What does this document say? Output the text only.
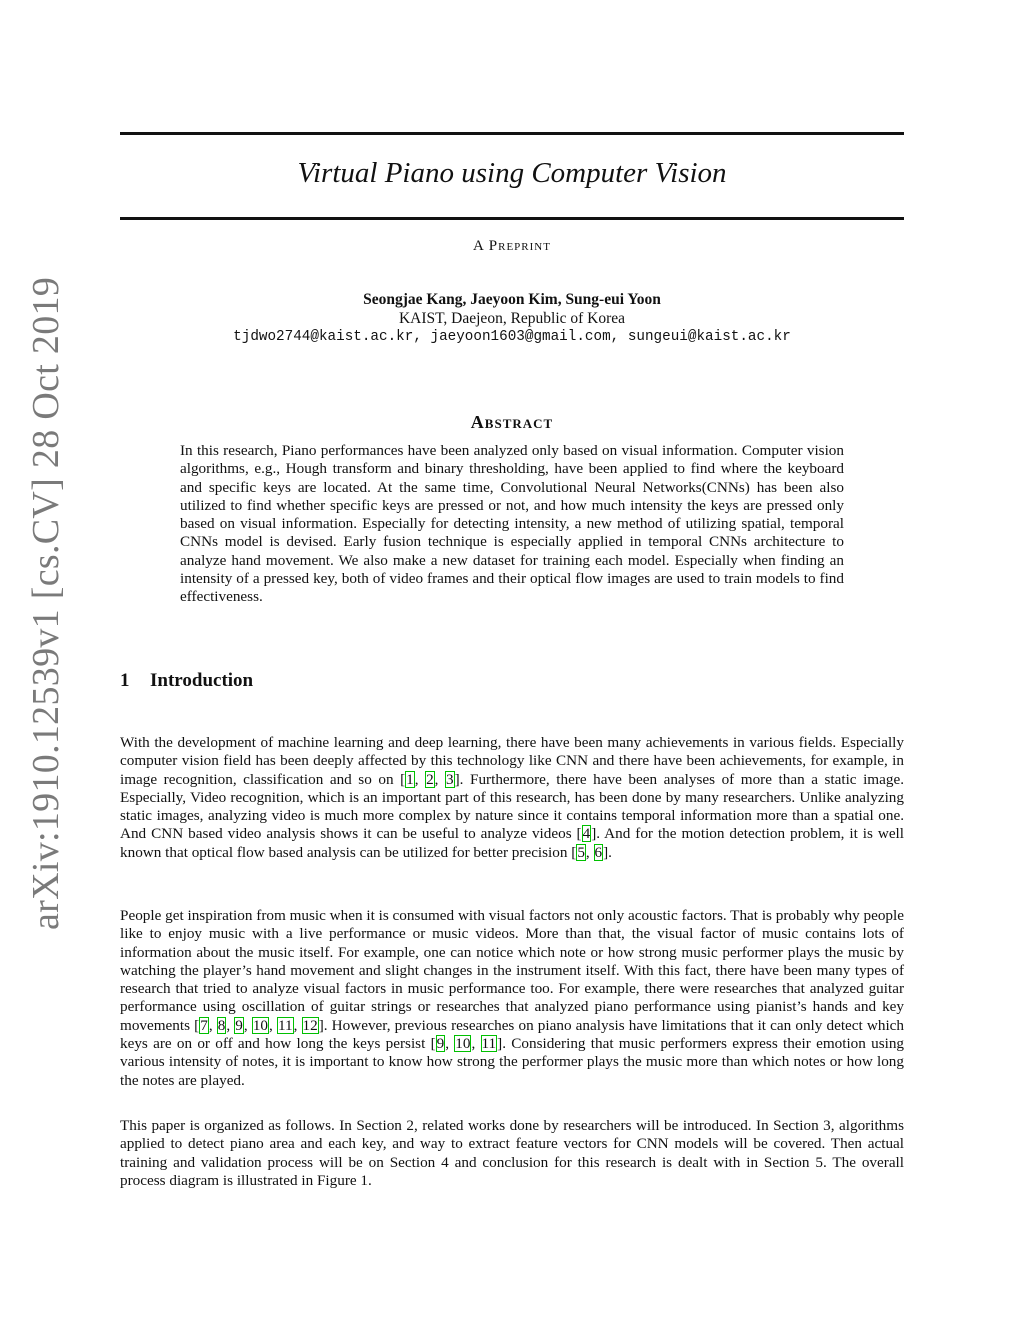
arXiv:1910.12539v1 [cs.CV] 28 Oct 2019
Virtual Piano using Computer Vision
A Preprint
Seongjae Kang, Jaeyoon Kim, Sung-eui Yoon
KAIST, Daejeon, Republic of Korea
tjdwo2744@kaist.ac.kr, jaeyoon1603@gmail.com, sungeui@kaist.ac.kr
Abstract
In this research, Piano performances have been analyzed only based on visual information. Computer vision algorithms, e.g., Hough transform and binary thresholding, have been applied to find where the keyboard and specific keys are located. At the same time, Convolutional Neural Networks(CNNs) has been also utilized to find whether specific keys are pressed or not, and how much intensity the keys are pressed only based on visual information. Especially for detecting intensity, a new method of utilizing spatial, temporal CNNs model is devised. Early fusion technique is especially applied in temporal CNNs architecture to analyze hand movement. We also make a new dataset for training each model. Especially when finding an intensity of a pressed key, both of video frames and their optical flow images are used to train models to find effectiveness.
1 Introduction

With the development of machine learning and deep learning, there have been many achievements in various fields. Especially computer vision field has been deeply affected by this technology like CNN and there have been achievements, for example, in image recognition, classification and so on [1, 2, 3]. Furthermore, there have been analyses of more than a static image. Especially, Video recognition, which is an important part of this research, has been done by many researchers. Unlike analyzing static images, analyzing video is much more complex by nature since it contains temporal information more than a spatial one. And CNN based video analysis shows it can be useful to analyze videos [4]. And for the motion detection problem, it is well known that optical flow based analysis can be utilized for better precision [5, 6].

People get inspiration from music when it is consumed with visual factors not only acoustic factors. That is probably why people like to enjoy music with a live performance or music videos. More than that, the visual factor of music contains lots of information about the music itself. For example, one can notice which note or how strong music performer plays the music by watching the player’s hand movement and slight changes in the instrument itself. With this fact, there have been many types of research that tried to analyze visual factors in music performance too. For example, there were researches that analyzed guitar performance using oscillation of guitar strings or researches that analyzed piano performance using pianist’s hands and key movements [7, 8, 9, 10, 11, 12]. However, previous researches on piano analysis have limitations that it can only detect which keys are on or off and how long the keys persist [9, 10, 11]. Considering that music performers express their emotion using various intensity of notes, it is important to know how strong the performer plays the music more than which notes or how long the notes are played.

This paper is organized as follows. In Section 2, related works done by researchers will be introduced. In Section 3, algorithms applied to detect piano area and each key, and way to extract feature vectors for CNN models will be covered. Then actual training and validation process will be on Section 4 and conclusion for this research is dealt with in Section 5. The overall process diagram is illustrated in Figure 1.
